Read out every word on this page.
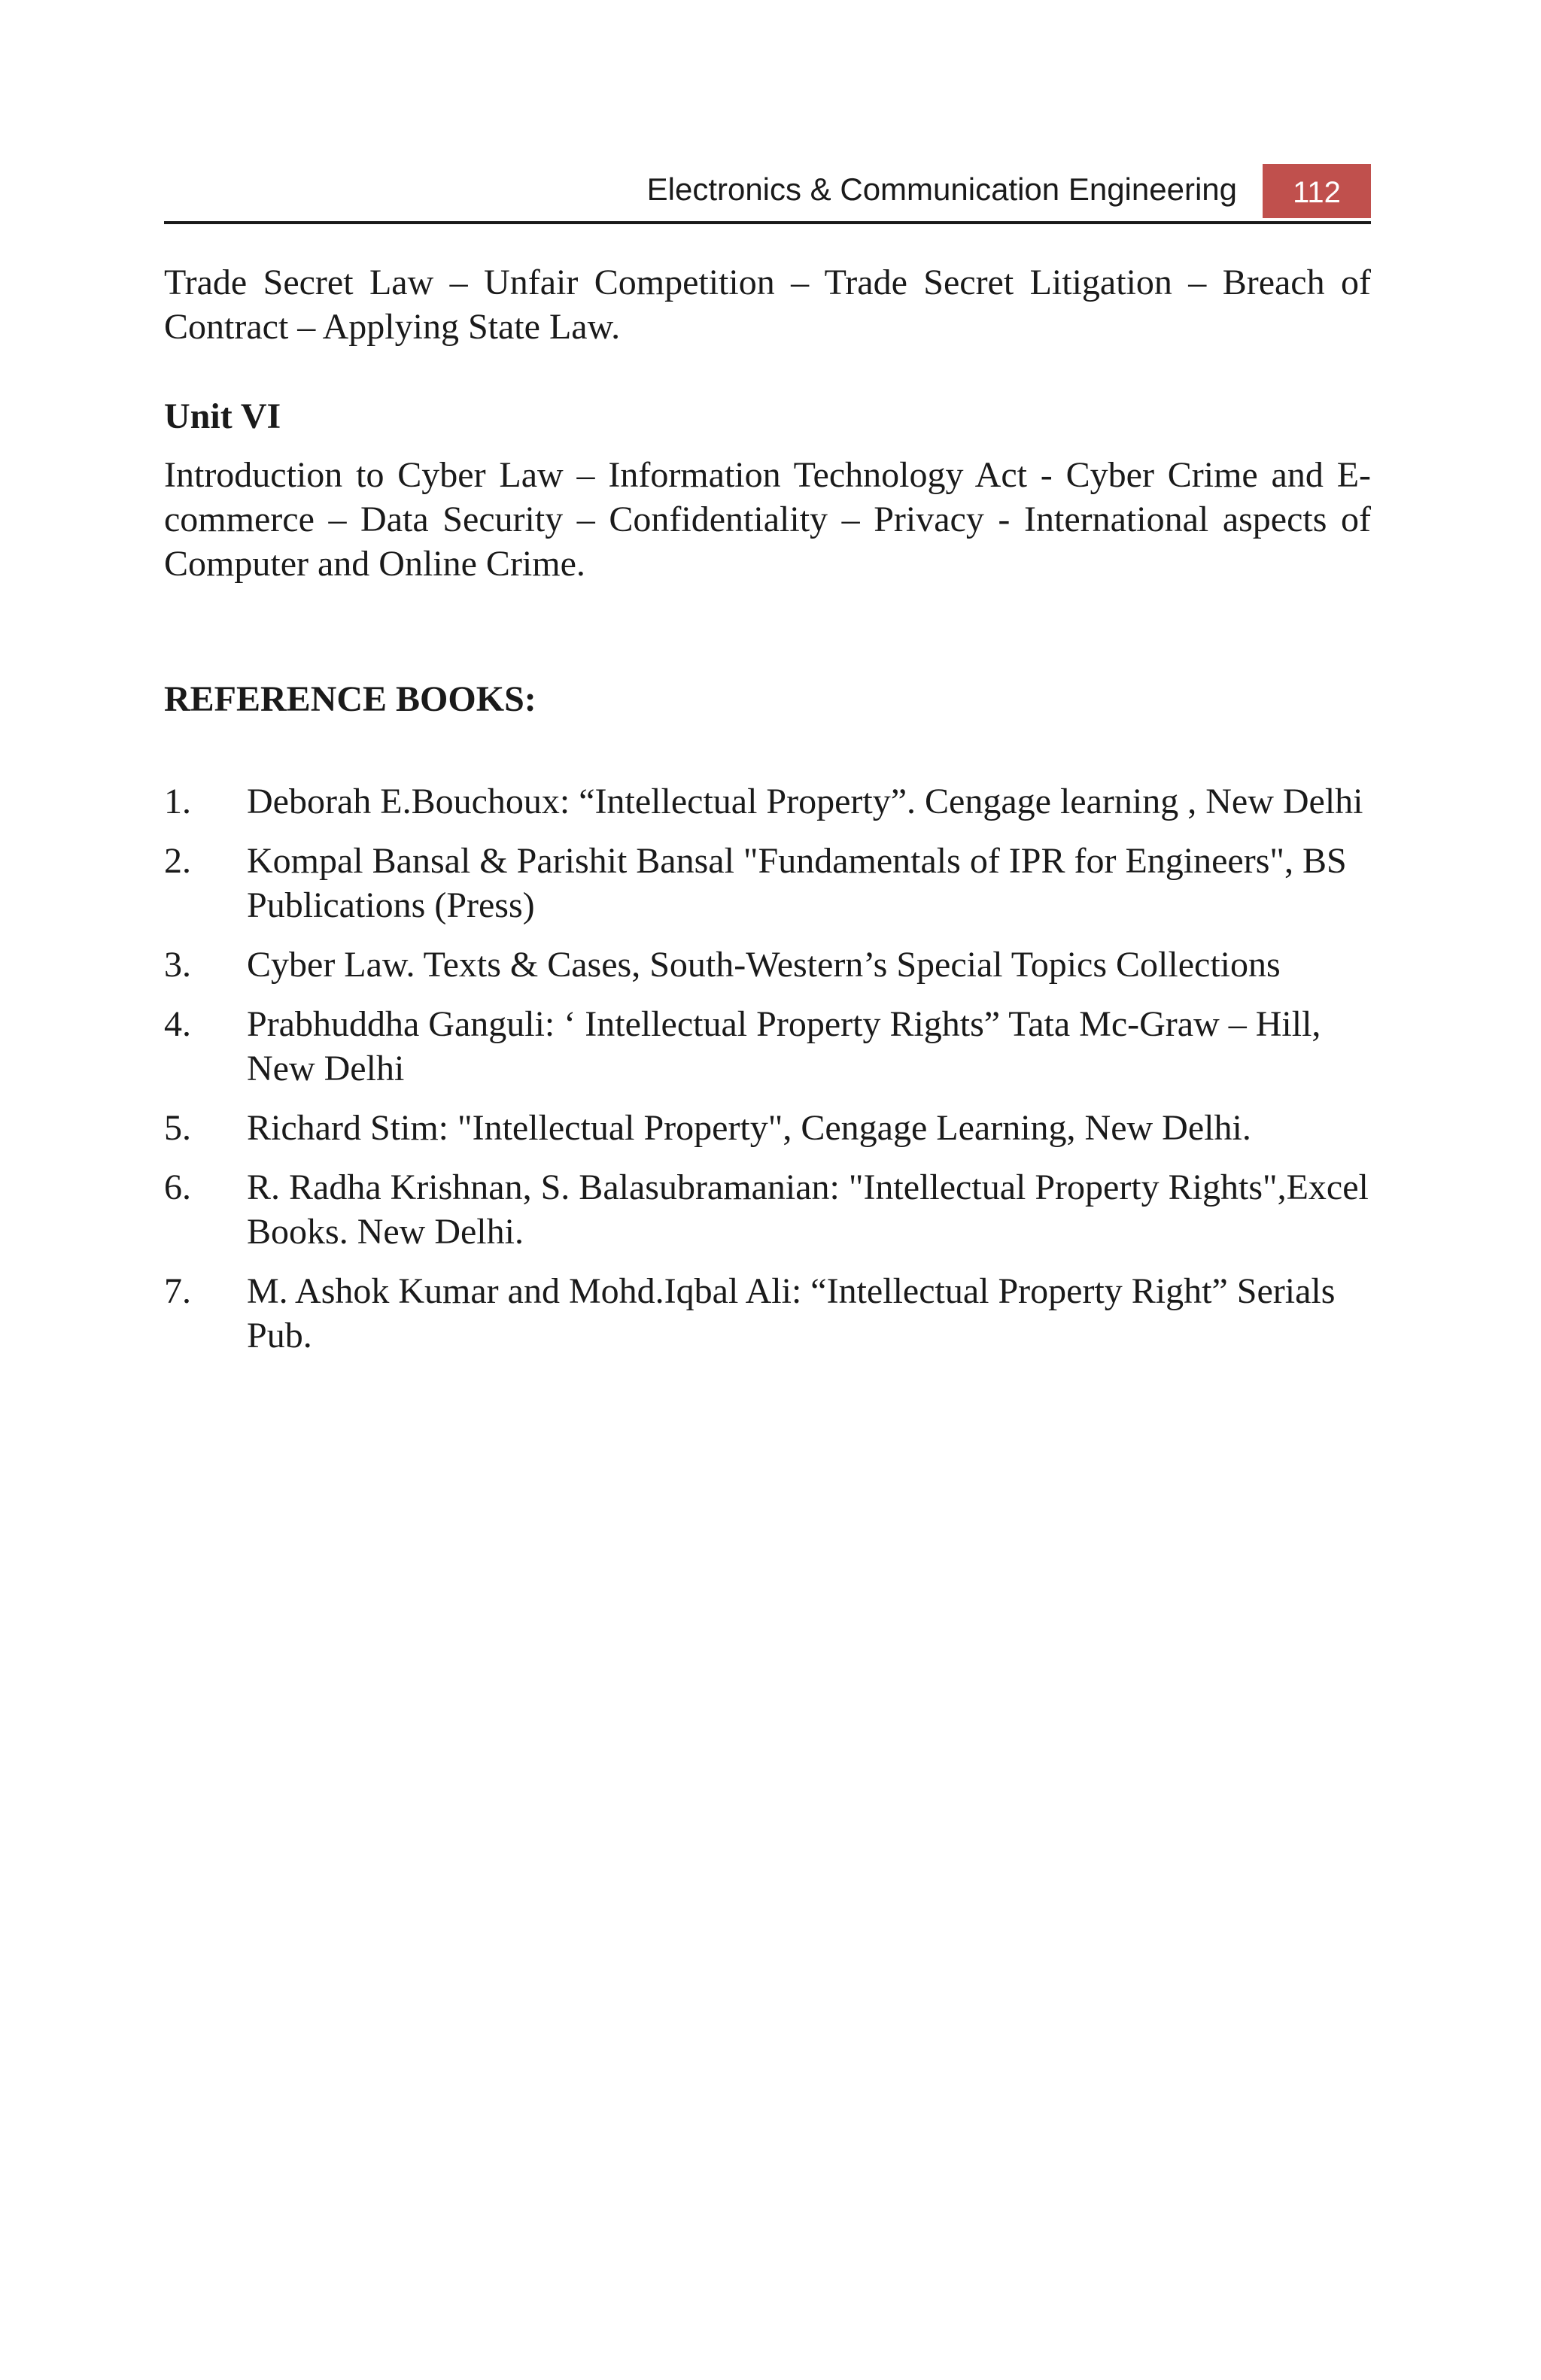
Electronics & Communication Engineering	112

Trade Secret Law – Unfair Competition – Trade Secret Litigation – Breach of Contract – Applying State Law.

Unit VI

Introduction to Cyber Law – Information Technology Act - Cyber Crime and E-commerce – Data Security – Confidentiality – Privacy - International aspects of Computer and Online Crime.

REFERENCE BOOKS:
1. Deborah E.Bouchoux: “Intellectual Property”. Cengage learning , New Delhi
2. Kompal Bansal & Parishit Bansal "Fundamentals of IPR for Engineers", BS Publications (Press)
3. Cyber Law. Texts & Cases, South-Western’s Special Topics Collections
4. Prabhuddha Ganguli: ‘ Intellectual Property Rights” Tata Mc-Graw – Hill, New Delhi
5. Richard Stim: "Intellectual Property", Cengage Learning, New Delhi.
6. R. Radha Krishnan, S. Balasubramanian: "Intellectual Property Rights",Excel Books. New Delhi.
7. M. Ashok Kumar and Mohd.Iqbal Ali: “Intellectual Property Right” Serials Pub.
